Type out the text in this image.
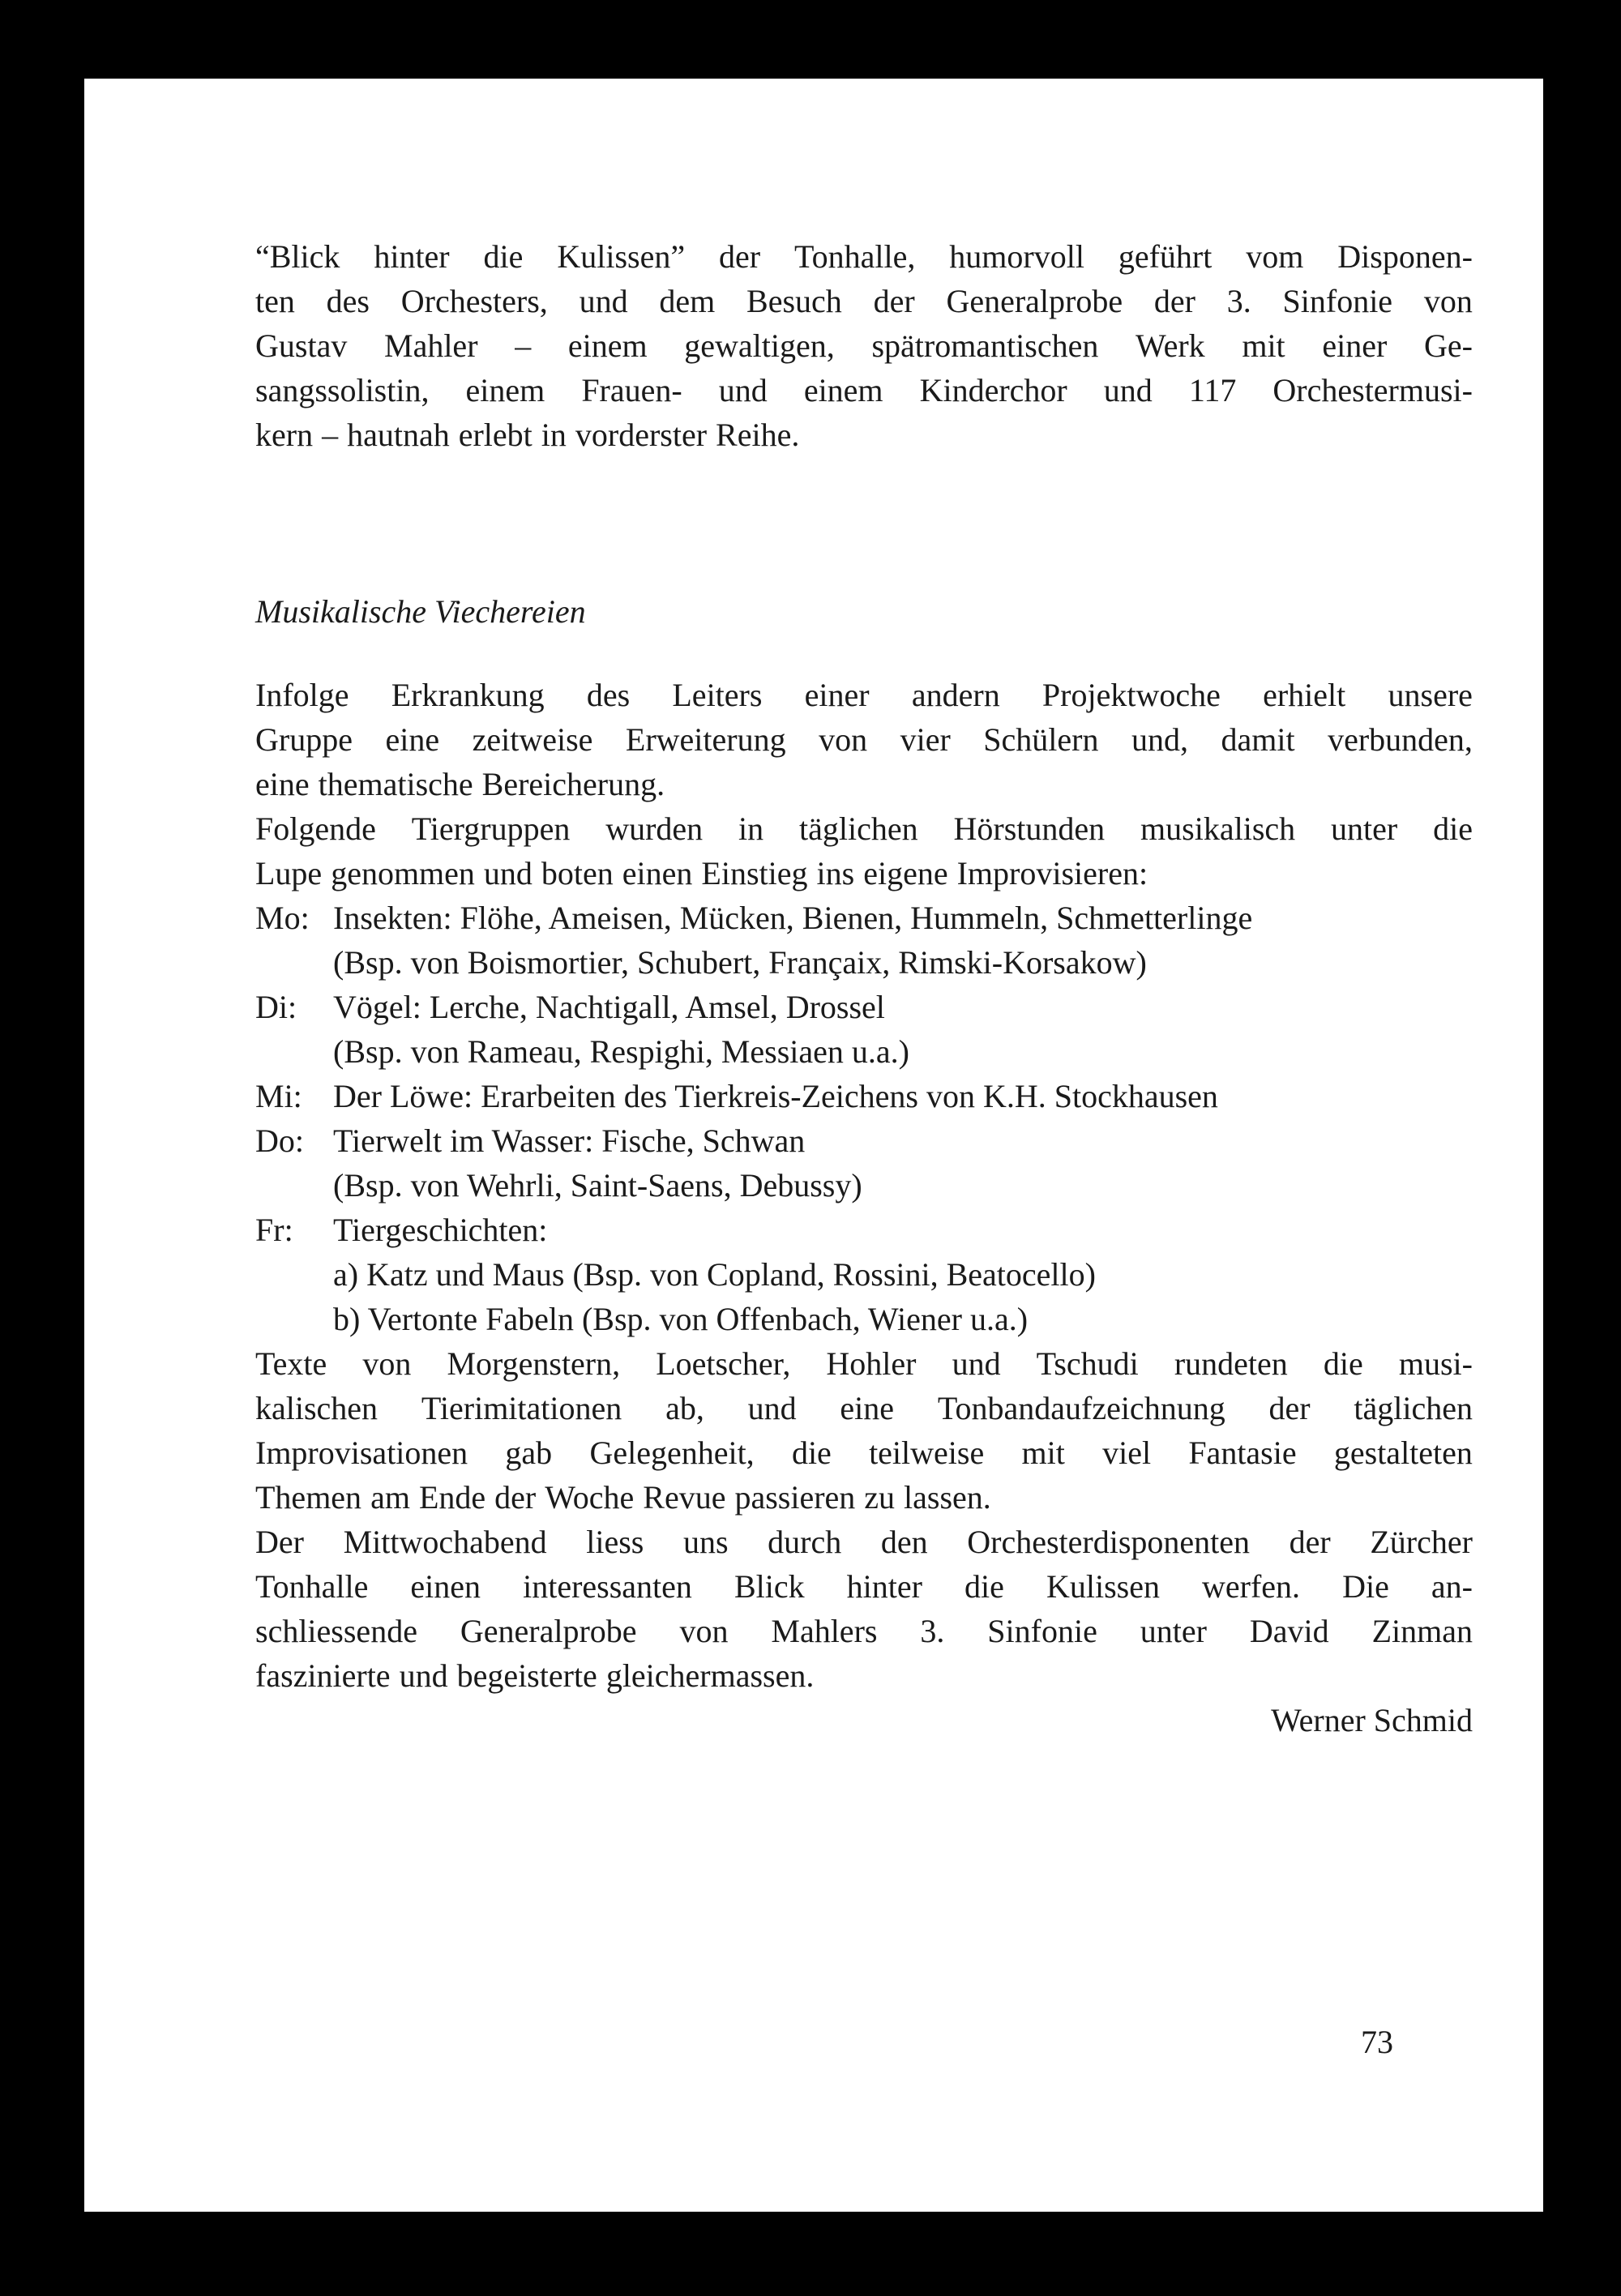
“Blick hinter die Kulissen” der Tonhalle, humorvoll geführt vom Disponen-
ten des Orchesters, und dem Besuch der Generalprobe der 3. Sinfonie von
Gustav Mahler – einem gewaltigen, spätromantischen Werk mit einer Ge-
sangssolistin, einem Frauen- und einem Kinderchor und 117 Orchestermusi-
kern – hautnah erlebt in vorderster Reihe.
Musikalische Viechereien
Infolge Erkrankung des Leiters einer andern Projektwoche erhielt unsere
Gruppe eine zeitweise Erweiterung von vier Schülern und, damit verbunden,
eine thematische Bereicherung.
Folgende Tiergruppen wurden in täglichen Hörstunden musikalisch unter die
Lupe genommen und boten einen Einstieg ins eigene Improvisieren:
Mo: Insekten: Flöhe, Ameisen, Mücken, Bienen, Hummeln, Schmetterlinge
(Bsp. von Boismortier, Schubert, Françaix, Rimski-Korsakow)
Di:	Vögel: Lerche, Nachtigall, Amsel, Drossel
(Bsp. von Rameau, Respighi, Messiaen u.a.)
Mi: Der Löwe: Erarbeiten des Tierkreis-Zeichens von K.H. Stockhausen
Do: Tierwelt im Wasser: Fische, Schwan
(Bsp. von Wehrli, Saint-Saens, Debussy)
Fr:	Tiergeschichten:
a) Katz und Maus (Bsp. von Copland, Rossini, Beatocello)
b) Vertonte Fabeln (Bsp. von Offenbach, Wiener u.a.)
Texte von Morgenstern, Loetscher, Hohler und Tschudi rundeten die musi-
kalischen Tierimitationen ab, und eine Tonbandaufzeichnung der täglichen
Improvisationen gab Gelegenheit, die teilweise mit viel Fantasie gestalteten
Themen am Ende der Woche Revue passieren zu lassen.
Der Mittwochabend liess uns durch den Orchesterdisponenten der Zürcher
Tonhalle einen interessanten Blick hinter die Kulissen werfen. Die an-
schliessende Generalprobe von Mahlers 3. Sinfonie unter David Zinman
faszinierte und begeisterte gleichermassen.
Werner Schmid
73
